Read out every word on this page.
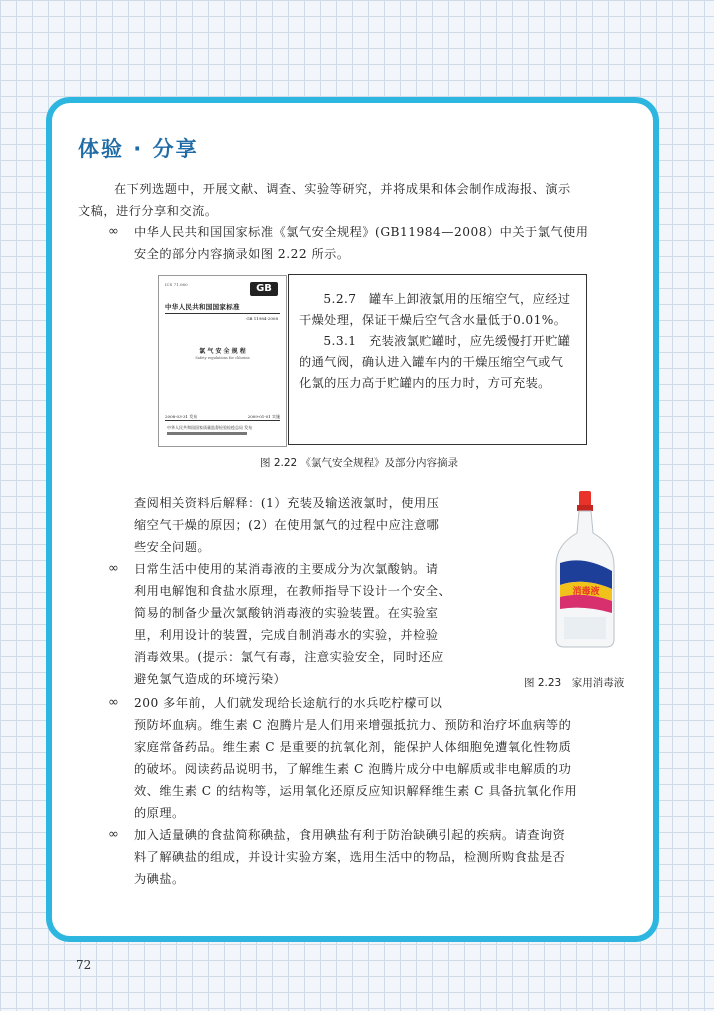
体验 · 分享
在下列选题中，开展文献、调查、实验等研究，并将成果和体会制作成海报、演示
文稿，进行分享和交流。
∞ 中华人民共和国国家标准《氯气安全规程》(GB11984—2008）中关于氯气使用
安全的部分内容摘录如图 2.22 所示。
ICS 71.060	GB
中华人民共和国国家标准
GB 11984-2008
氯 气 安 全 规 程
Safety regulations for chlorine
2008-03-31 发布	2009-01-01 实施
中华人民共和国国家质量监督检验检疫总局 发布

5.2.7　罐车上卸液氯用的压缩空气，应经过干燥处理，保证干燥后空气含水量低于0.01%。

5.3.1　充装液氯贮罐时，应先缓慢打开贮罐的通气阀，确认进入罐车内的干燥压缩空气或气化氯的压力高于贮罐内的压力时，方可充装。

图 2.22 《氯气安全规程》及部分内容摘录
查阅相关资料后解释：(1）充装及输送液氯时，使用压
缩空气干燥的原因；(2）在使用氯气的过程中应注意哪
些安全问题。
∞ 日常生活中使用的某消毒液的主要成分为次氯酸钠。请
利用电解饱和食盐水原理，在教师指导下设计一个安全、
简易的制备少量次氯酸钠消毒液的实验装置。在实验室
里，利用设计的装置，完成自制消毒水的实验，并检验
消毒效果。(提示：氯气有毒，注意实验安全，同时还应
避免氯气造成的环境污染）
消毒液
图 2.23　家用消毒液
∞ 200 多年前，人们就发现给长途航行的水兵吃柠檬可以
预防坏血病。维生素 C 泡腾片是人们用来增强抵抗力、预防和治疗坏血病等的
家庭常备药品。维生素 C 是重要的抗氧化剂，能保护人体细胞免遭氧化性物质
的破坏。阅读药品说明书，了解维生素 C 泡腾片成分中电解质或非电解质的功
效、维生素 C 的结构等，运用氧化还原反应知识解释维生素 C 具备抗氧化作用
的原理。
∞ 加入适量碘的食盐简称碘盐，食用碘盐有利于防治缺碘引起的疾病。请查询资
料了解碘盐的组成，并设计实验方案，选用生活中的物品，检测所购食盐是否
为碘盐。
72
